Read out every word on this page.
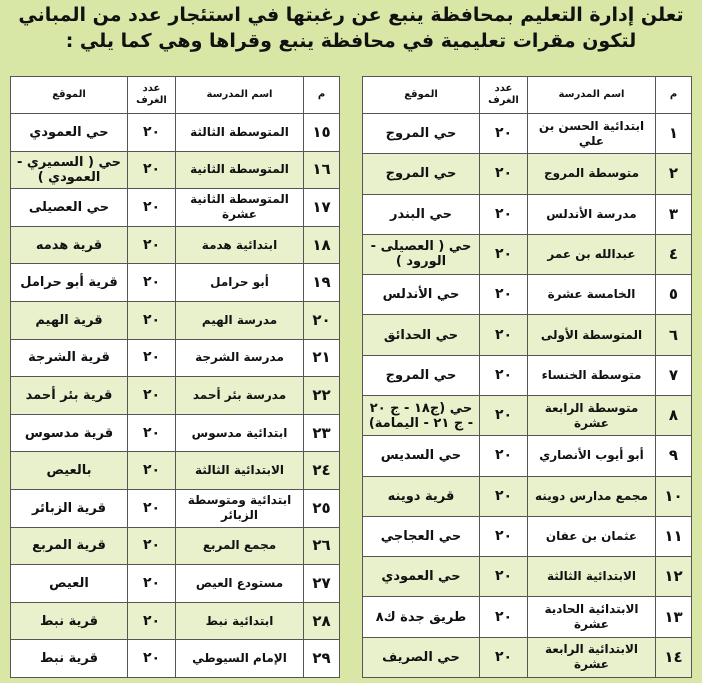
تعلن إدارة التعليم بمحافظة ينبع عن رغبتها في استئجار عدد من المباني
لتكون مقرات تعليمية في محافظة ينبع وقراها وهي كما يلي :
م	اسم المدرسة	عدد الغرف	الموقع
١	ابتدائية الحسن بن علي	٢٠	حي المروج
٢	متوسطة المروج	٢٠	حي المروج
٣	مدرسة الأندلس	٢٠	حي البندر
٤	عبدالله بن عمر	٢٠	حي ( العصيلى - الورود )
٥	الخامسة عشرة	٢٠	حي الأندلس
٦	المتوسطة الأولى	٢٠	حي الحدائق
٧	متوسطة الخنساء	٢٠	حي المروج
٨	متوسطة الرابعة عشرة	٢٠	حي (ج١٨ - ج ٢٠ - ج ٢١ - اليمامة)
٩	أبو أيوب الأنصاري	٢٠	حي السديس
١٠	مجمع مدارس دوينه	٢٠	قرية دوينه
١١	عثمان بن عفان	٢٠	حي العجاجي
١٢	الابتدائية الثالثة	٢٠	حي العمودي
١٣	الابتدائية الحادية عشرة	٢٠	طريق جدة ك٨
١٤	الابتدائية الرابعة عشرة	٢٠	حي الصريف
م	اسم المدرسة	عدد الغرف	الموقع
١٥	المتوسطة الثالثة	٢٠	حي العمودي
١٦	المتوسطة الثانية	٢٠	حي ( السميري - العمودي )
١٧	المتوسطة الثانية عشرة	٢٠	حي العصيلى
١٨	ابتدائية هدمة	٢٠	قرية هدمه
١٩	أبو حرامل	٢٠	قرية أبو حرامل
٢٠	مدرسة الهيم	٢٠	قرية الهيم
٢١	مدرسة الشرجة	٢٠	قرية الشرجة
٢٢	مدرسة بئر أحمد	٢٠	قرية بئر أحمد
٢٣	ابتدائية مدسوس	٢٠	قرية مدسوس
٢٤	الابتدائية الثالثة	٢٠	بالعيص
٢٥	ابتدائية ومتوسطة الزبائر	٢٠	قرية الزبائر
٢٦	مجمع المربع	٢٠	قرية المربع
٢٧	مستودع العيص	٢٠	العيص
٢٨	ابتدائية نبط	٢٠	قرية نبط
٢٩	الإمام السيوطي	٢٠	قرية نبط
